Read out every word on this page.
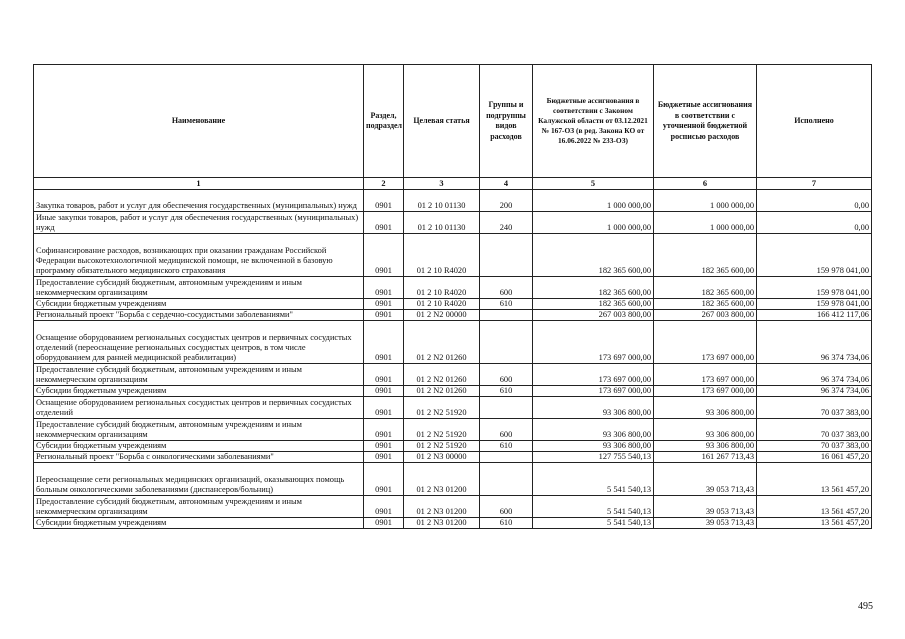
Наименование	Раздел, подраздел	Целевая статья	Группы и подгруппы видов расходов	Бюджетные ассигнования в соответствии с Законом Калужской области от 03.12.2021 № 167-ОЗ (в ред. Закона КО от 16.06.2022 № 233-ОЗ)	Бюджетные ассигнования в соответствии с уточненной бюджетной росписью расходов	Исполнено
1	2	3	4	5	6	7
Закупка товаров, работ и услуг для обеспечения государственных (муниципальных) нужд	0901	01 2 10 01130	200	1 000 000,00	1 000 000,00	0,00
Иные закупки товаров, работ и услуг для обеспечения государственных (муниципальных) нужд	0901	01 2 10 01130	240	1 000 000,00	1 000 000,00	0,00
Софинансирование расходов, возникающих при оказании гражданам Российской Федерации высокотехнологичной медицинской помощи, не включенной в базовую программу обязательного медицинского страхования	0901	01 2 10 R4020		182 365 600,00	182 365 600,00	159 978 041,00
Предоставление субсидий бюджетным, автономным учреждениям и иным некоммерческим организациям	0901	01 2 10 R4020	600	182 365 600,00	182 365 600,00	159 978 041,00
Субсидии бюджетным учреждениям	0901	01 2 10 R4020	610	182 365 600,00	182 365 600,00	159 978 041,00
Региональный проект "Борьба с сердечно-сосудистыми заболеваниями"	0901	01 2 N2 00000		267 003 800,00	267 003 800,00	166 412 117,06
Оснащение оборудованием региональных сосудистых центров и первичных сосудистых отделений (переоснащение региональных сосудистых центров, в том числе оборудованием для ранней медицинской реабилитации)	0901	01 2 N2 01260		173 697 000,00	173 697 000,00	96 374 734,06
Предоставление субсидий бюджетным, автономным учреждениям и иным некоммерческим организациям	0901	01 2 N2 01260	600	173 697 000,00	173 697 000,00	96 374 734,06
Субсидии бюджетным учреждениям	0901	01 2 N2 01260	610	173 697 000,00	173 697 000,00	96 374 734,06
Оснащение оборудованием региональных сосудистых центров и первичных сосудистых отделений	0901	01 2 N2 51920		93 306 800,00	93 306 800,00	70 037 383,00
Предоставление субсидий бюджетным, автономным учреждениям и иным некоммерческим организациям	0901	01 2 N2 51920	600	93 306 800,00	93 306 800,00	70 037 383,00
Субсидии бюджетным учреждениям	0901	01 2 N2 51920	610	93 306 800,00	93 306 800,00	70 037 383,00
Региональный проект "Борьба с онкологическими заболеваниями"	0901	01 2 N3 00000		127 755 540,13	161 267 713,43	16 061 457,20
Переоснащение сети региональных медицинских организаций, оказывающих помощь больным онкологическими заболеваниями (диспансеров/больниц)	0901	01 2 N3 01200		5 541 540,13	39 053 713,43	13 561 457,20
Предоставление субсидий бюджетным, автономным учреждениям и иным некоммерческим организациям	0901	01 2 N3 01200	600	5 541 540,13	39 053 713,43	13 561 457,20
Субсидии бюджетным учреждениям	0901	01 2 N3 01200	610	5 541 540,13	39 053 713,43	13 561 457,20
495
